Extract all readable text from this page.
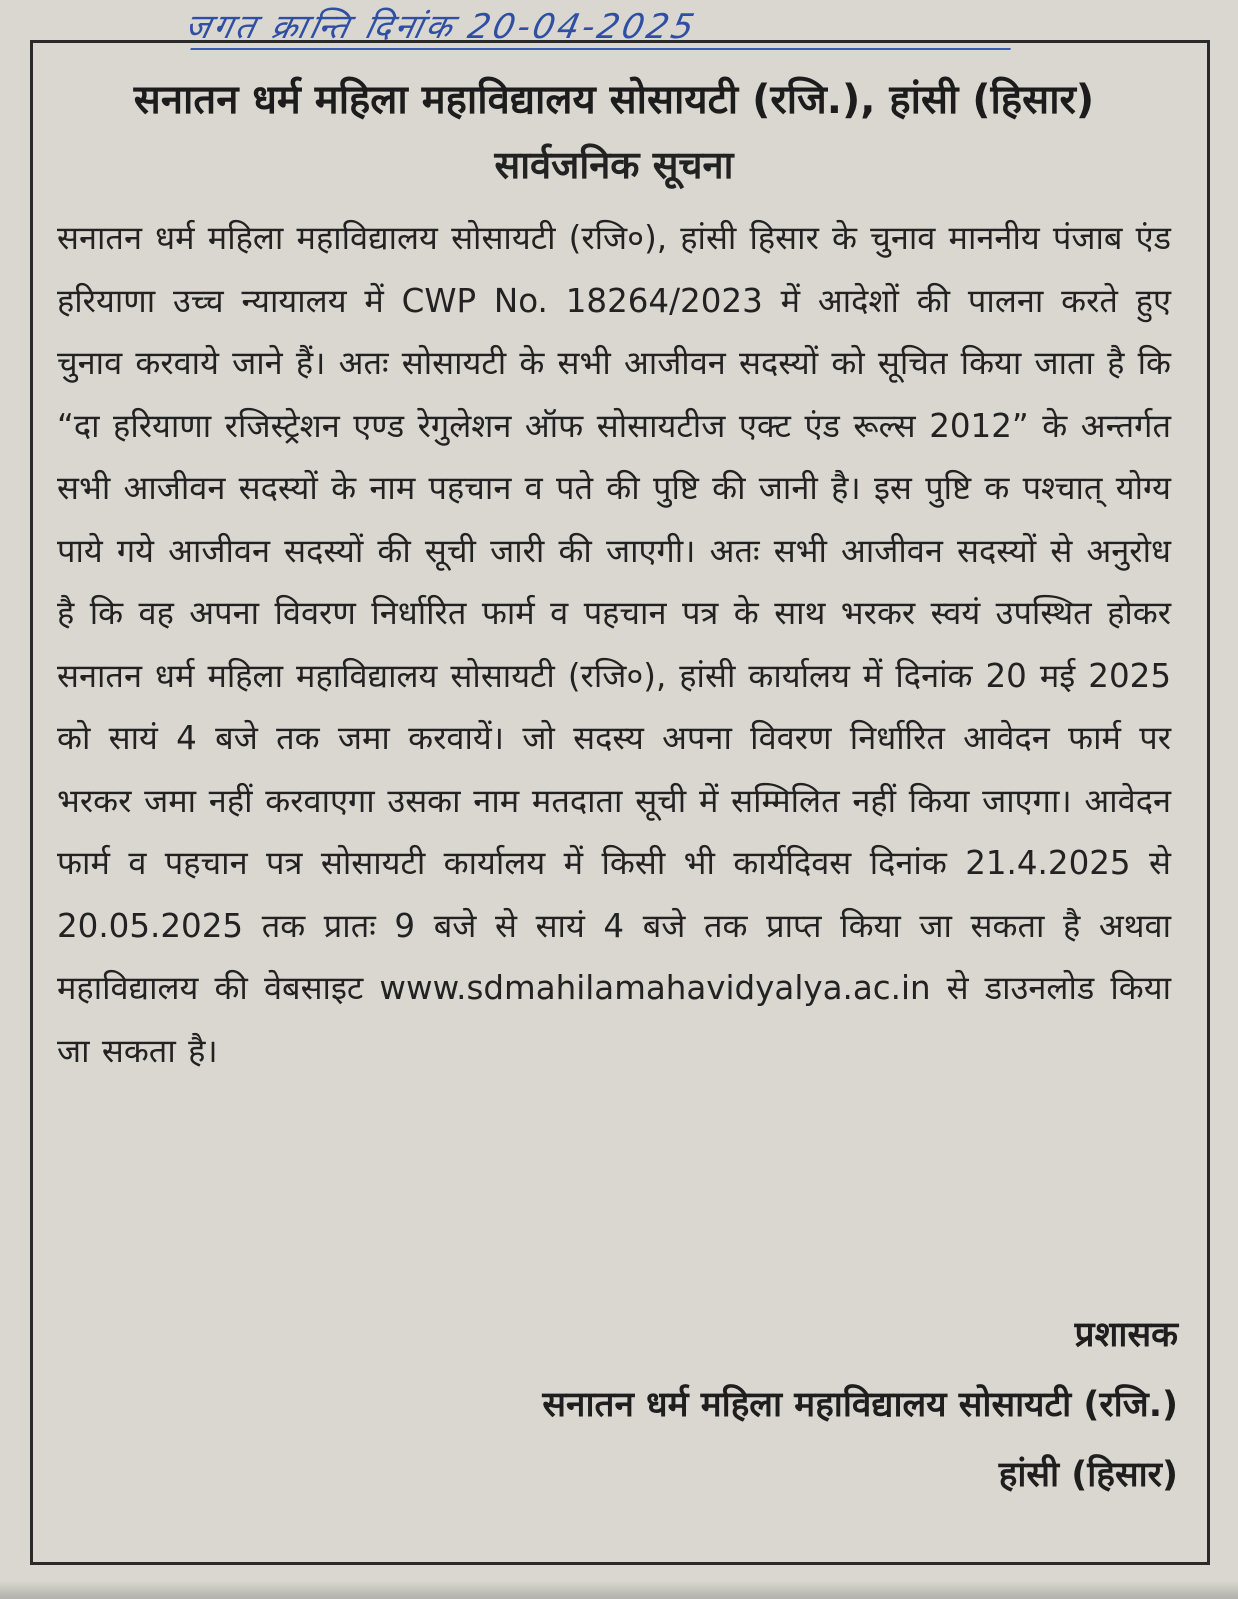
जगत क्रान्ति दिनांक 20-04-2025
सनातन धर्म महिला महाविद्यालय सोसायटी (रजि.), हांसी (हिसार)
सार्वजनिक सूचना

सनातन धर्म महिला महाविद्यालय सोसायटी (रजि०), हांसी हिसार के चुनाव माननीय पंजाब एंड हरियाणा उच्च न्यायालय में CWP No. 18264/2023 में आदेशों की पालना करते हुए चुनाव करवाये जाने हैं। अतः सोसायटी के सभी आजीवन सदस्यों को सूचित किया जाता है कि “दा हरियाणा रजिस्ट्रेशन एण्ड रेगुलेशन ऑफ सोसायटीज एक्ट एंड रूल्स 2012” के अन्तर्गत सभी आजीवन सदस्यों के नाम पहचान व पते की पुष्टि की जानी है। इस पुष्टि क पश्चात् योग्य पाये गये आजीवन सदस्यों की सूची जारी की जाएगी। अतः सभी आजीवन सदस्यों से अनुरोध है कि वह अपना विवरण निर्धारित फार्म व पहचान पत्र के साथ भरकर स्वयं उपस्थित होकर सनातन धर्म महिला महाविद्यालय सोसायटी (रजि०), हांसी कार्यालय में दिनांक 20 मई 2025 को सायं 4 बजे तक जमा करवायें। जो सदस्य अपना विवरण निर्धारित आवेदन फार्म पर भरकर जमा नहीं करवाएगा उसका नाम मतदाता सूची में सम्मिलित नहीं किया जाएगा। आवेदन फार्म व पहचान पत्र सोसायटी कार्यालय में किसी भी कार्यदिवस दिनांक 21.4.2025 से 20.05.2025 तक प्रातः 9 बजे से सायं 4 बजे तक प्राप्त किया जा सकता है अथवा महाविद्यालय की वेबसाइट www.sdmahilamahavidyalya.ac.in से डाउनलोड किया जा सकता है।

प्रशासक
सनातन धर्म महिला महाविद्यालय सोसायटी (रजि.)
हांसी (हिसार)
